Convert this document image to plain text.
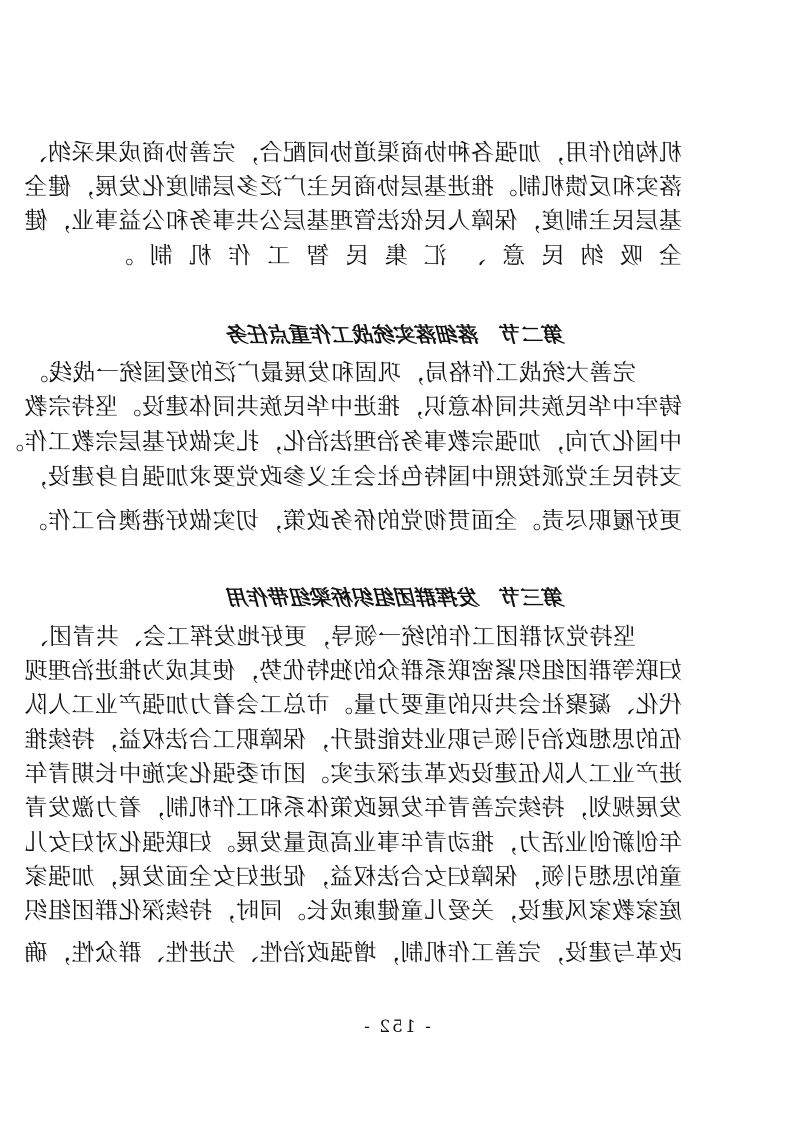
机构的作用，加强各种协商渠道协同配合，完善协商成果采纳、
落实和反馈机制。推进基层协商民主广泛多层制度化发展，健全
基层民主制度，保障人民依法管理基层公共事务和公益事业，健
全吸纳民意、汇集民智工作机制。
第二节落细落实统战工作重点任务
完善大统战工作格局，巩固和发展最广泛的爱国统一战线。
铸牢中华民族共同体意识，推进中华民族共同体建设。坚持宗教
中国化方向，加强宗教事务治理法治化，扎实做好基层宗教工作。
支持民主党派按照中国特色社会主义参政党要求加强自身建设，
更好履职尽责。全面贯彻党的侨务政策，切实做好港澳台工作。
第三节发挥群团组织桥梁纽带作用
坚持党对群团工作的统一领导，更好地发挥工会、共青团、
妇联等群团组织紧密联系群众的独特优势，使其成为推进治理现
代化、凝聚社会共识的重要力量。市总工会着力加强产业工人队
伍的思想政治引领与职业技能提升，保障职工合法权益，持续推
进产业工人队伍建设改革走深走实。团市委强化实施中长期青年
发展规划，持续完善青年发展政策体系和工作机制，着力激发青
年创新创业活力，推动青年事业高质量发展。妇联强化对妇女儿
童的思想引领，保障妇女合法权益，促进妇女全面发展，加强家
庭家教家风建设，关爱儿童健康成长。同时，持续深化群团组织
改革与建设，完善工作机制，增强政治性、先进性、群众性，确
- 152 -
